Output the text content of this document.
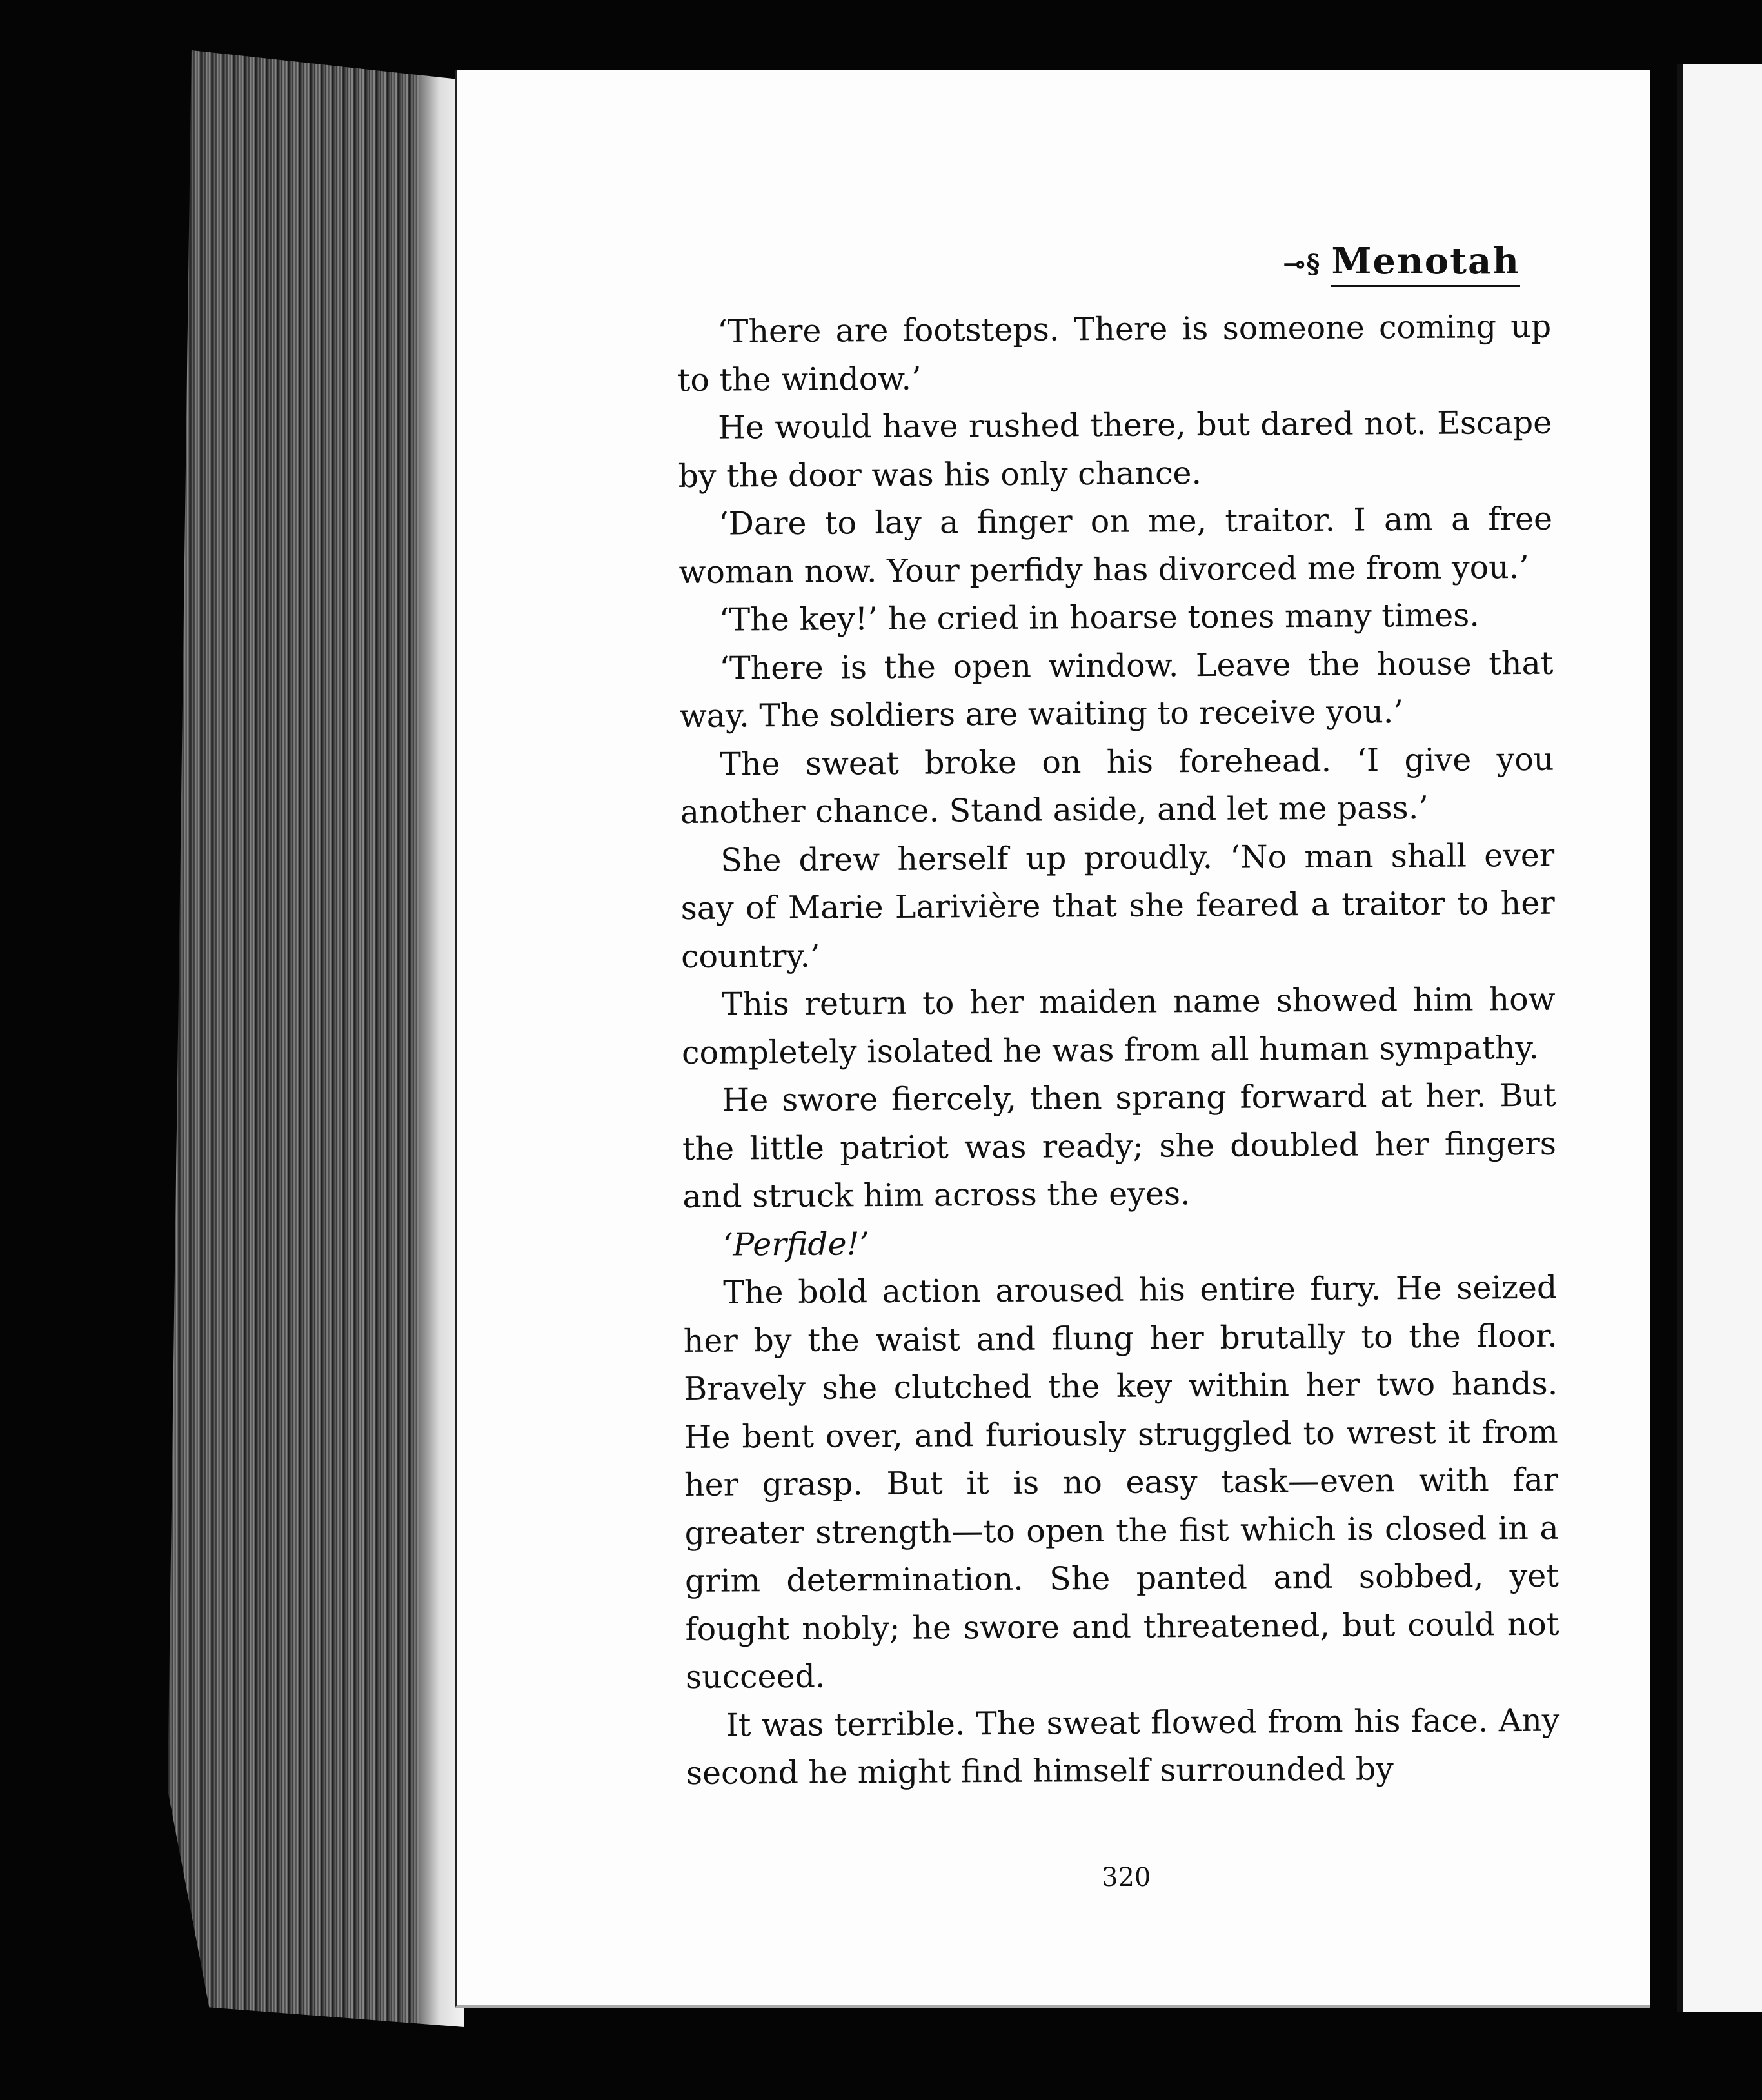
⊸§ Menotah

‘There are footsteps. There is someone coming up to the window.’

He would have rushed there, but dared not. Escape by the door was his only chance.

‘Dare to lay a finger on me, traitor. I am a free woman now. Your perfidy has divorced me from you.’

‘The key!’ he cried in hoarse tones many times.

‘There is the open window. Leave the house that way. The soldiers are waiting to receive you.’

The sweat broke on his forehead. ‘I give you another chance. Stand aside, and let me pass.’

She drew herself up proudly. ‘No man shall ever say of Marie Larivière that she feared a traitor to her country.’

This return to her maiden name showed him how completely isolated he was from all human sympathy.

He swore fiercely, then sprang forward at her. But the little patriot was ready; she doubled her fingers and struck him across the eyes.

‘Perfide!’

The bold action aroused his entire fury. He seized her by the waist and flung her brutally to the floor. Bravely she clutched the key within her two hands. He bent over, and furiously struggled to wrest it from her grasp. But it is no easy task—even with far greater strength—to open the fist which is closed in a grim determination. She panted and sobbed, yet fought nobly; he swore and threatened, but could not succeed.

It was terrible. The sweat flowed from his face. Any second he might find himself surrounded by

320
